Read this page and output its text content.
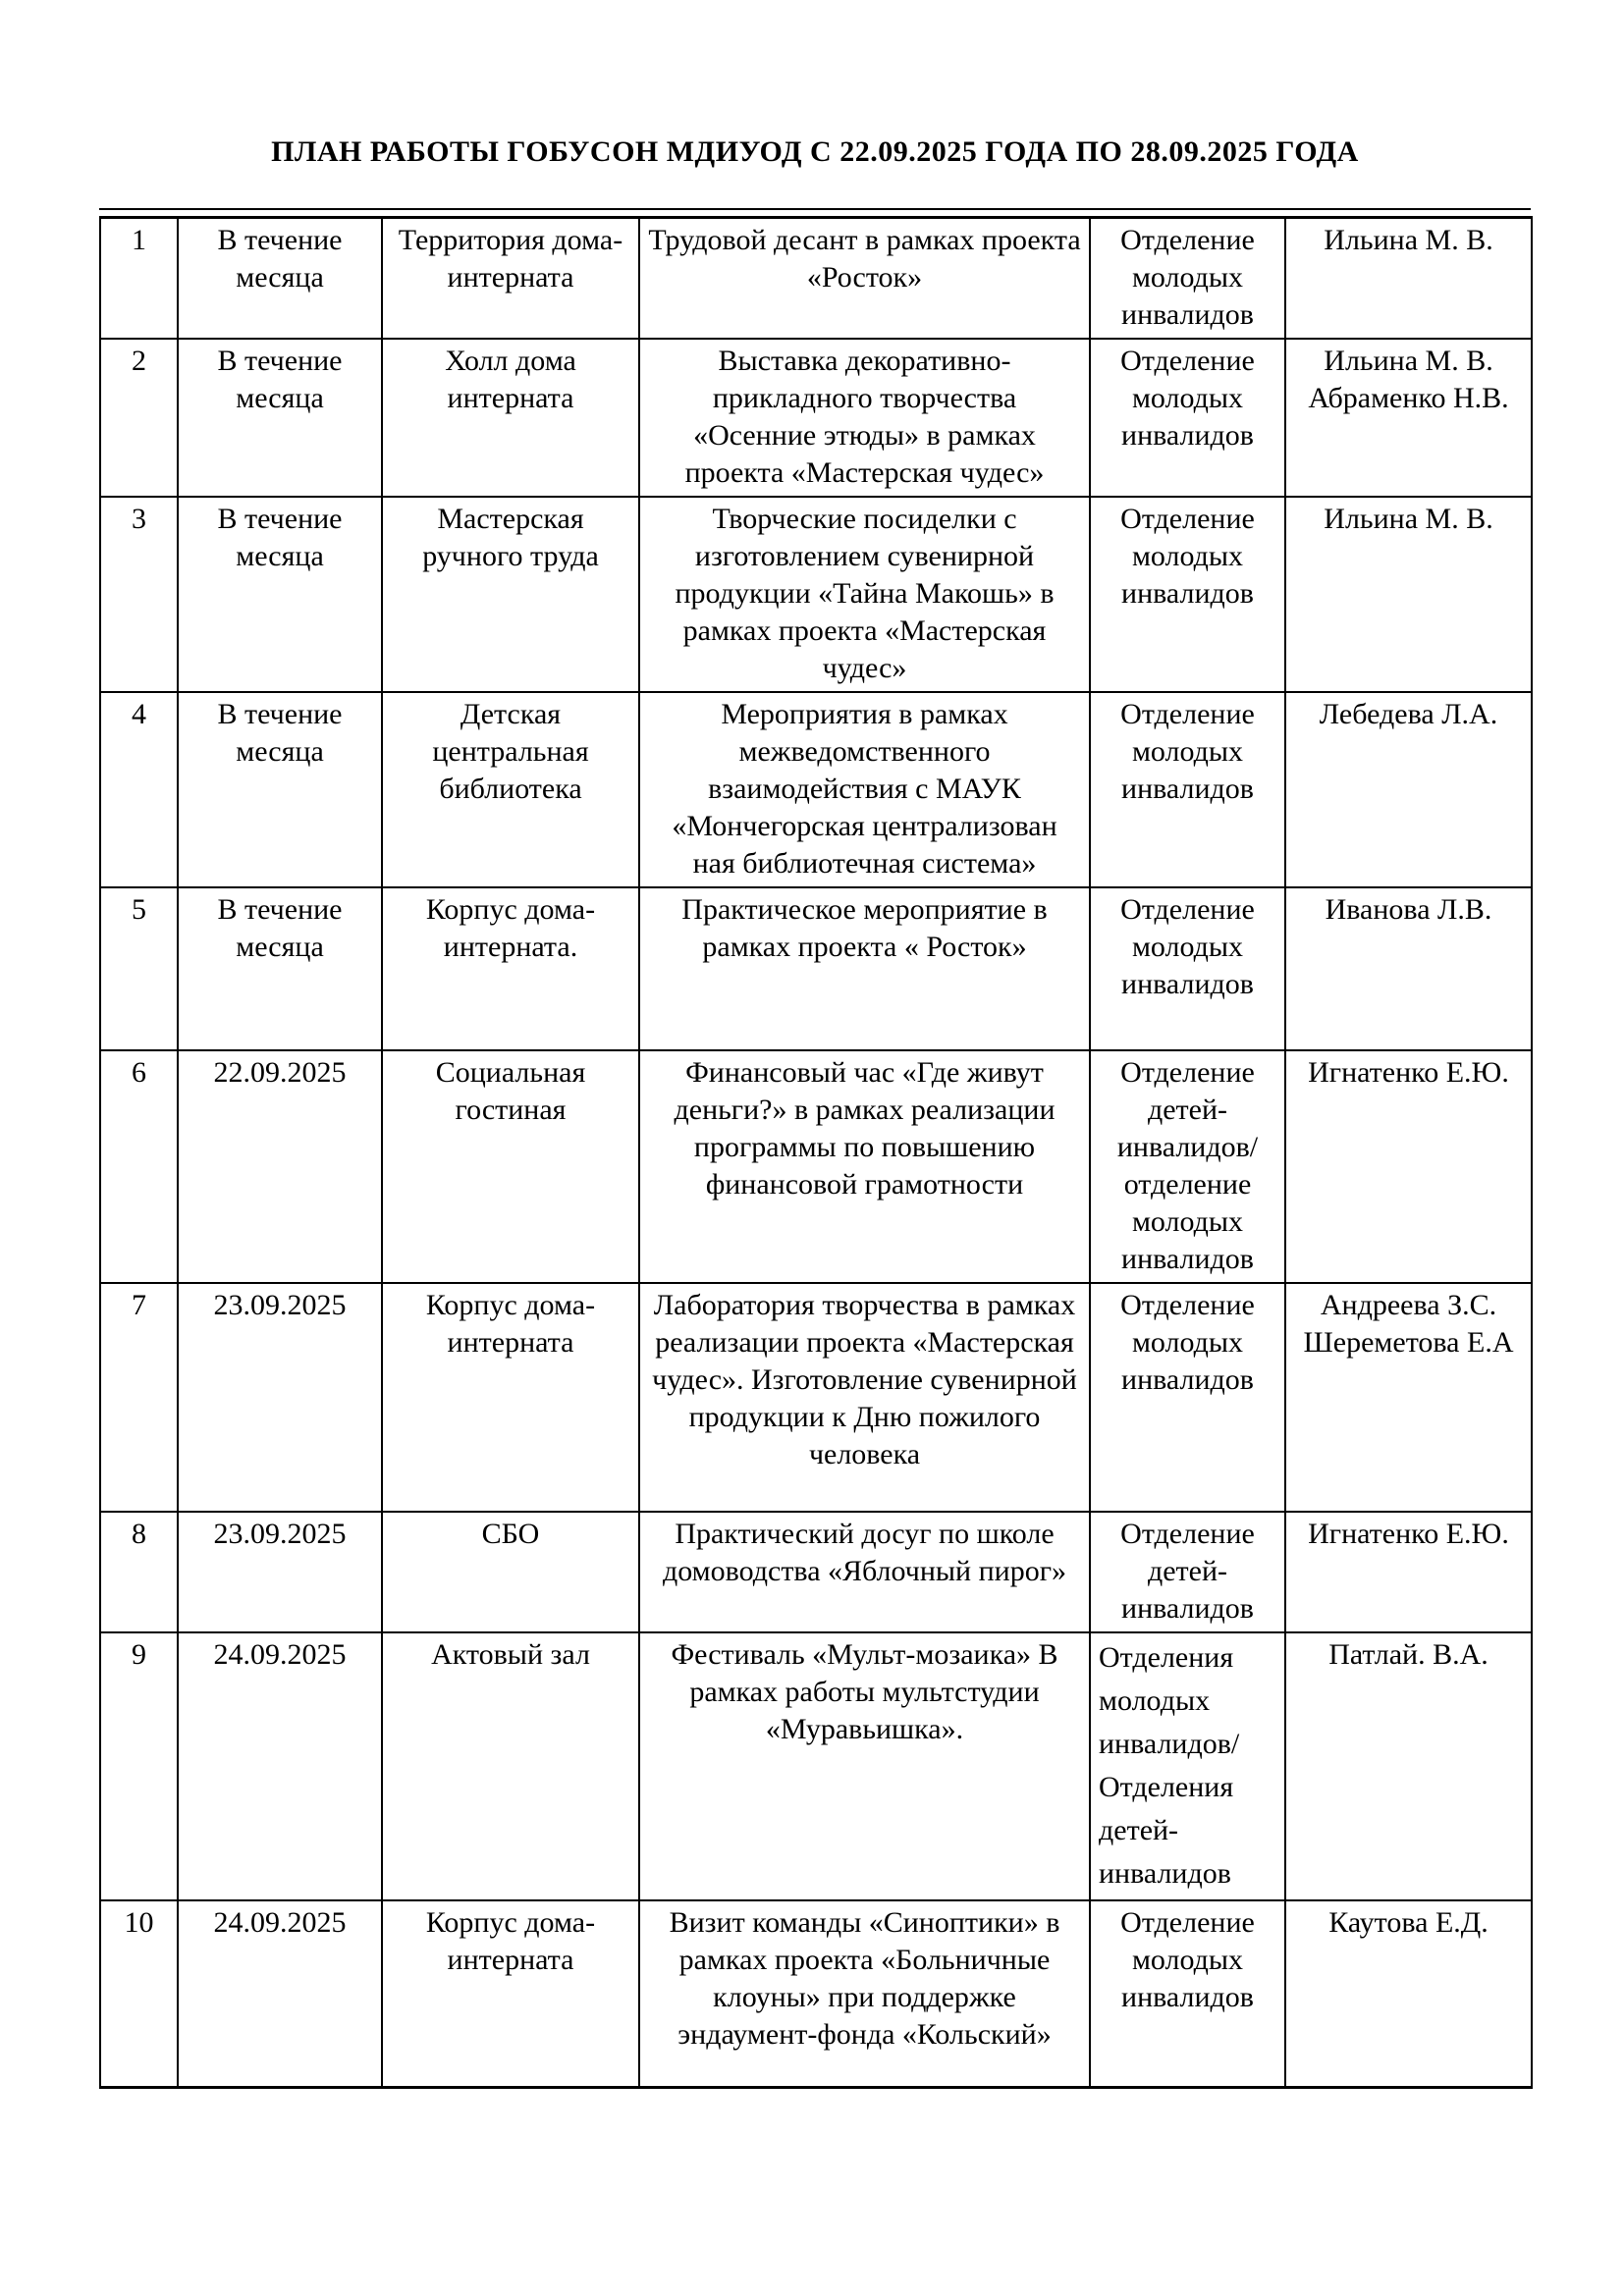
ПЛАН РАБОТЫ ГОБУСОН МДИУОД С 22.09.2025 ГОДА ПО 28.09.2025 ГОДА
1	В течение месяца	Территория дома-интерната	Трудовой десант в рамках проекта «Росток»	Отделение молодых инвалидов	Ильина М. В.
2	В течение месяца	Холл дома интерната	Выставка декоративно-прикладного творчества «Осенние этюды» в рамках проекта «Мастерская чудес»	Отделение молодых инвалидов	Ильина М. В. Абраменко Н.В.
3	В течение месяца	Мастерская ручного труда	Творческие посиделки с изготовлением сувенирной продукции «Тайна Макошь» в рамках проекта «Мастерская чудес»	Отделение молодых инвалидов	Ильина М. В.
4	В течение месяца	Детская центральная библиотека	Мероприятия в рамках межведомственного взаимодействия с МАУК «Мончегорская централизован ная библиотечная система»	Отделение молодых инвалидов	Лебедева Л.А.
5	В течение месяца	Корпус дома-интерната.	Практическое мероприятие в рамках проекта « Росток»	Отделение молодых инвалидов	Иванова Л.В.
6	22.09.2025	Социальная гостиная	Финансовый час «Где живут деньги?» в рамках реализации программы по повышению финансовой грамотности	Отделение детей-инвалидов/ отделение молодых инвалидов	Игнатенко Е.Ю.
7	23.09.2025	Корпус дома-интерната	Лаборатория творчества в рамках реализации проекта «Мастерская чудес». Изготовление сувенирной продукции к Дню пожилого человека	Отделение молодых инвалидов	Андреева З.С. Шереметова Е.А
8	23.09.2025	СБО	Практический досуг по школе домоводства «Яблочный пирог»	Отделение детей-инвалидов	Игнатенко Е.Ю.
9	24.09.2025	Актовый зал	Фестиваль «Мульт-мозаика» В рамках работы мультстудии «Муравьишка».	Отделения молодых инвалидов/ Отделения детей-инвалидов	Патлай. В.А.
10	24.09.2025	Корпус дома-интерната	Визит команды «Синоптики» в рамках проекта «Больничные клоуны» при поддержке эндаумент-фонда «Кольский»	Отделение молодых инвалидов	Каутова Е.Д.
